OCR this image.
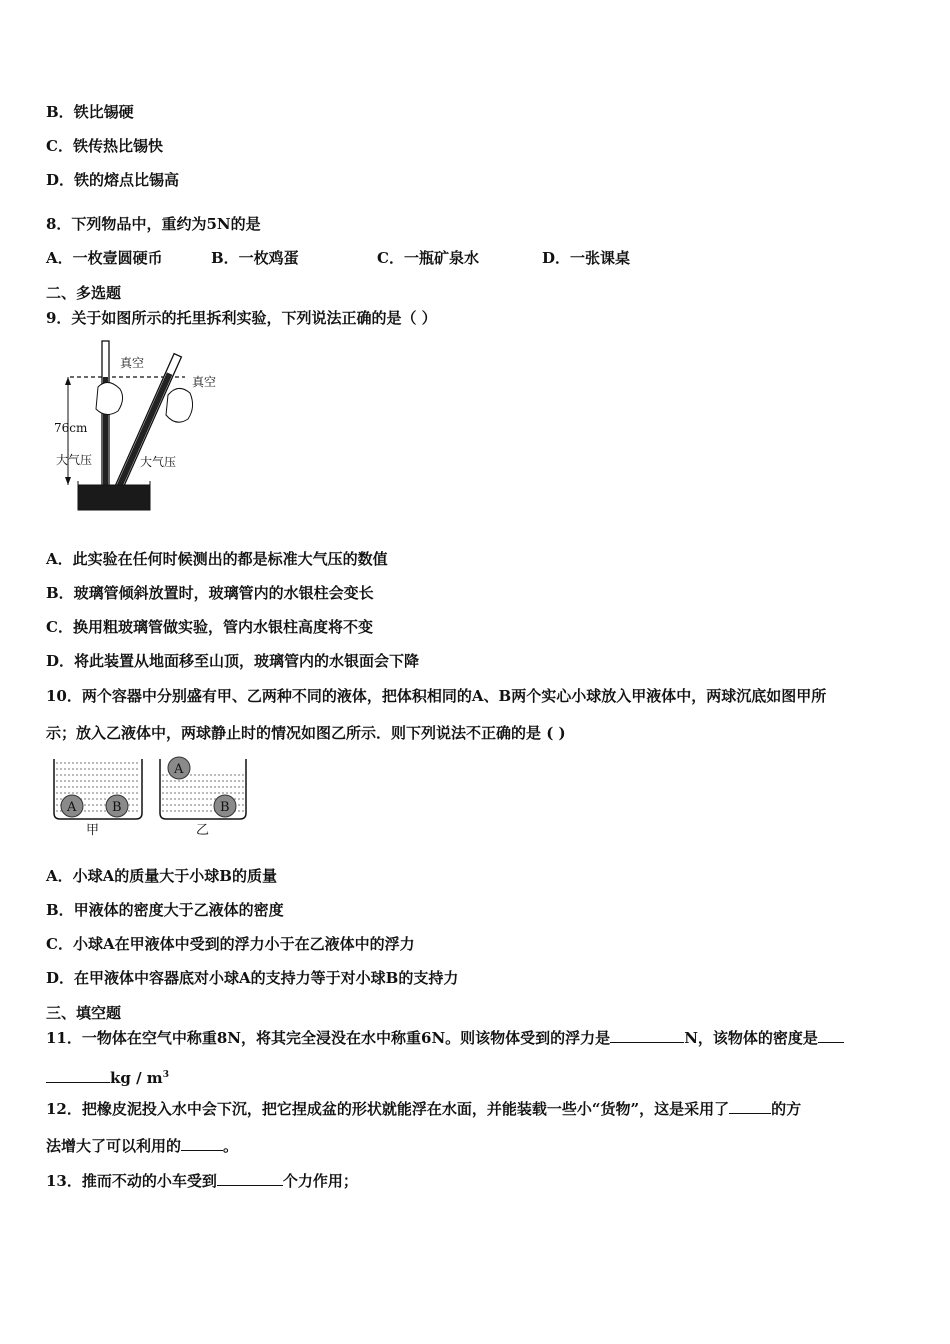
B．铁比锡硬
C．铁传热比锡快
D．铁的熔点比锡高
8．下列物品中，重约为5N的是
A．一枚壹圆硬币	B．一枚鸡蛋	C．一瓶矿泉水	D．一张课桌
二、多选题
9．关于如图所示的托里拆利实验，下列说法正确的是（ ）
真空
真空
76cm
大气压	大气压
A．此实验在任何时候测出的都是标准大气压的数值
B．玻璃管倾斜放置时，玻璃管内的水银柱会变长
C．换用粗玻璃管做实验，管内水银柱高度将不变
D．将此装置从地面移至山顶，玻璃管内的水银面会下降
10．两个容器中分别盛有甲、乙两种不同的液体，把体积相同的A、B两个实心小球放入甲液体中，两球沉底如图甲所
示；放入乙液体中，两球静止时的情况如图乙所示．则下列说法不正确的是 ( )
A	B
甲
A
B
乙
A．小球A的质量大于小球B的质量
B．甲液体的密度大于乙液体的密度
C．小球A在甲液体中受到的浮力小于在乙液体中的浮力
D．在甲液体中容器底对小球A的支持力等于对小球B的支持力
三、填空题
11．一物体在空气中称重8N，将其完全浸没在水中称重6N。则该物体受到的浮力是	N，该物体的密度是
kg / $m^3$
12．把橡皮泥投入水中会下沉，把它捏成盆的形状就能浮在水面，并能装载一些小“货物”，这是采用了	的方
法增大了可以利用的	。
13．推而不动的小车受到	个力作用；
